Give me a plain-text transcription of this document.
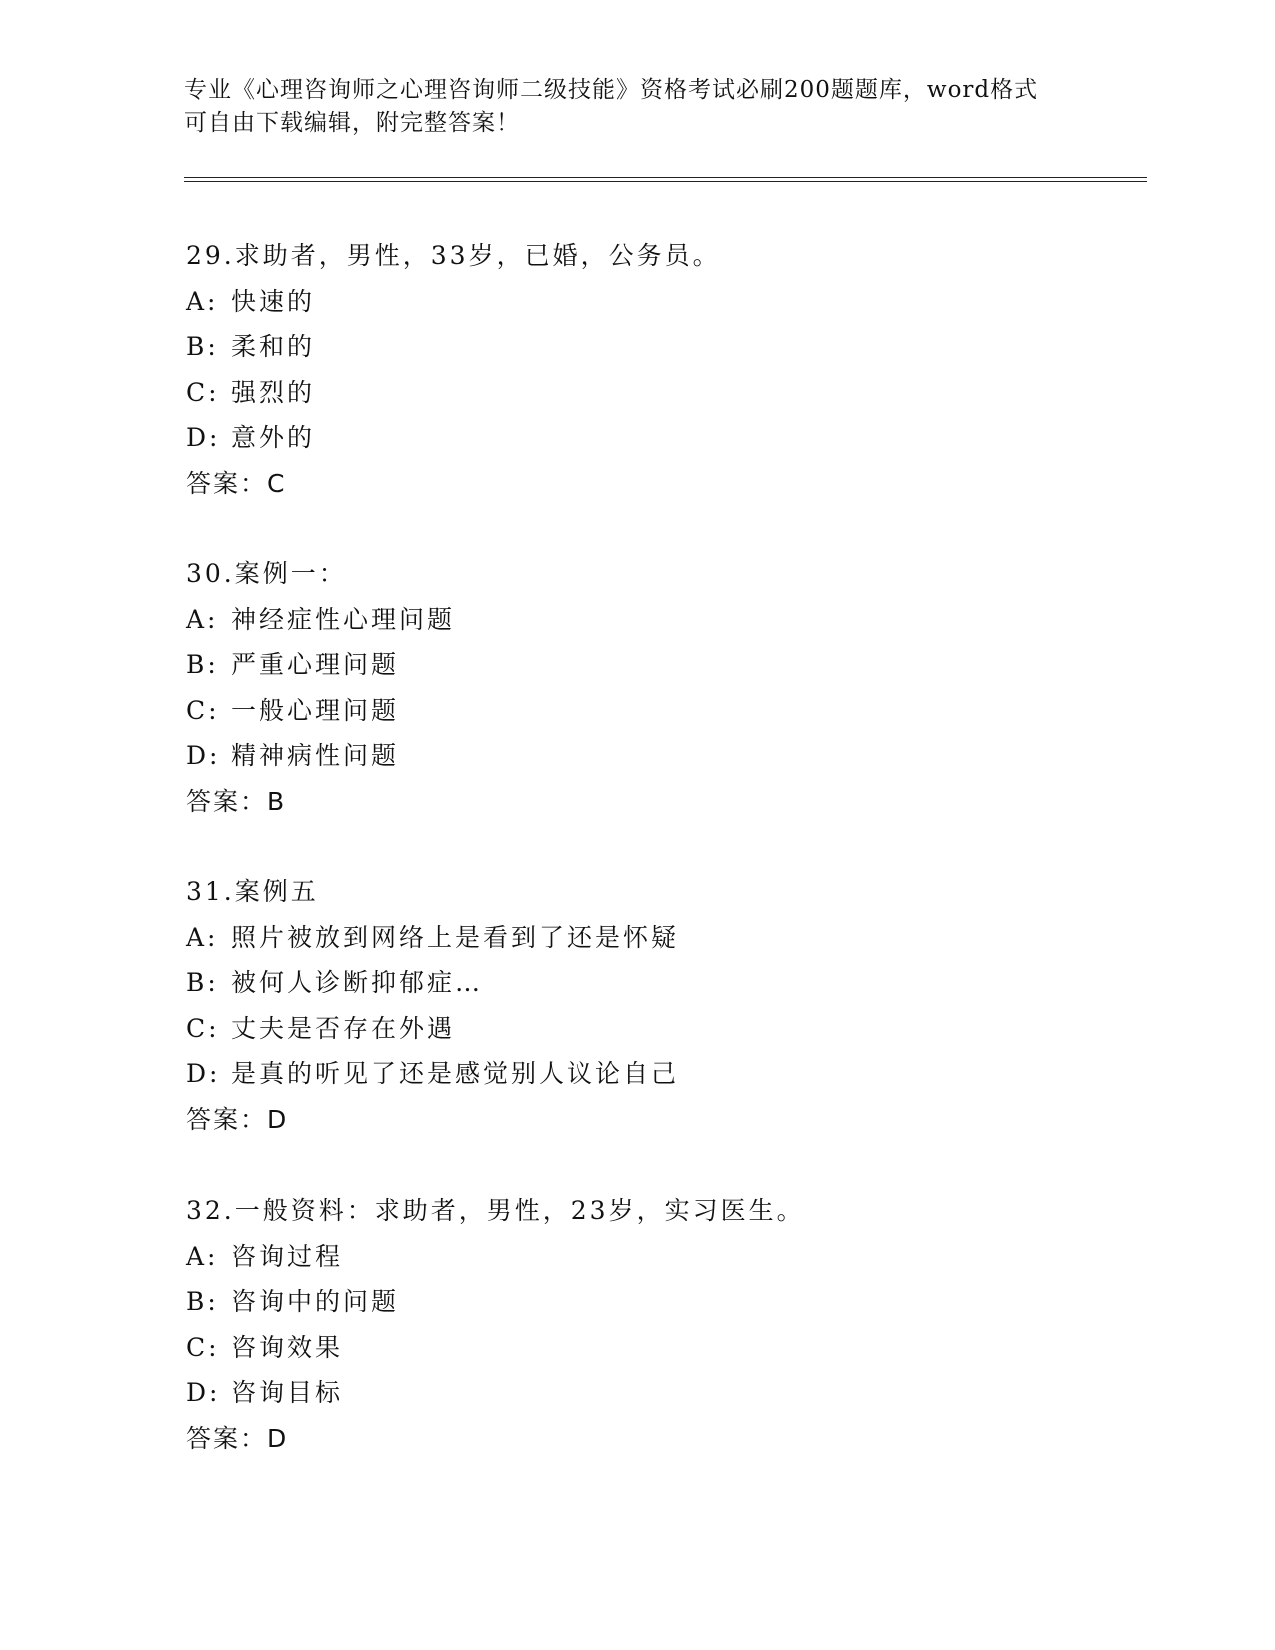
专业《心理咨询师之心理咨询师二级技能》资格考试必刷200题题库，word格式
可自由下载编辑，附完整答案！
29.求助者，男性，33岁，已婚，公务员。
A: 快速的
B: 柔和的
C: 强烈的
D: 意外的
答案：C
30.案例一：
A: 神经症性心理问题
B: 严重心理问题
C: 一般心理问题
D: 精神病性问题
答案：B
31.案例五
A: 照片被放到网络上是看到了还是怀疑
B: 被何人诊断抑郁症…
C: 丈夫是否存在外遇
D: 是真的听见了还是感觉别人议论自己
答案：D
32.一般资料：求助者，男性，23岁，实习医生。
A: 咨询过程
B: 咨询中的问题
C: 咨询效果
D: 咨询目标
答案：D
